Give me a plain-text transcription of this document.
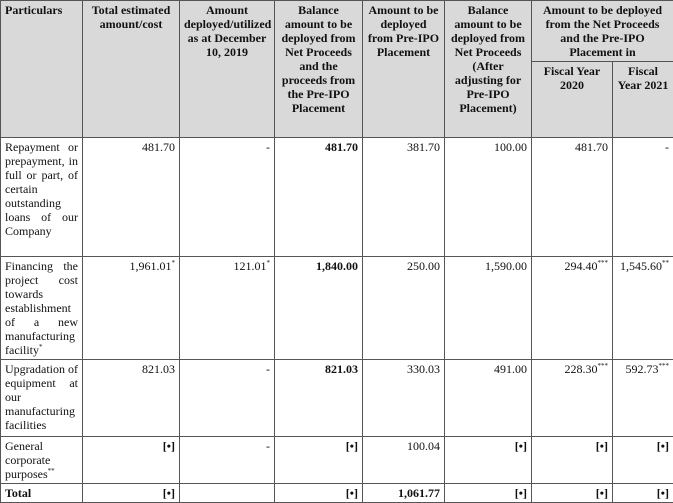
Particulars	Total estimated amount/cost	Amount deployed/utilized as at December 10, 2019	Balance amount to be deployed from Net Proceeds and the proceeds from the Pre-IPO Placement	Amount to be deployed from Pre-IPO Placement	Balance amount to be deployed from Net Proceeds (After adjusting for Pre-IPO Placement)	Amount to be deployed from the Net Proceeds and the Pre-IPO Placement in	
						Fiscal Year 2020	Fiscal Year 2021
Repayment or prepayment, in full or part, of certain outstanding loans of our Company	481.70	-	481.70	381.70	100.00	481.70	-
Financing the project cost towards establishment of a new manufacturing facility*	1,961.01*	121.01*	1,840.00	250.00	1,590.00	294.40***	1,545.60**
Upgradation of equipment at our manufacturing facilities	821.03	-	821.03	330.03	491.00	228.30***	592.73***
General corporate purposes**	[•]	-	[•]	100.04	[•]	[•]	[•]
Total	[•]		[•]	1,061.77	[•]	[•]	[•]
